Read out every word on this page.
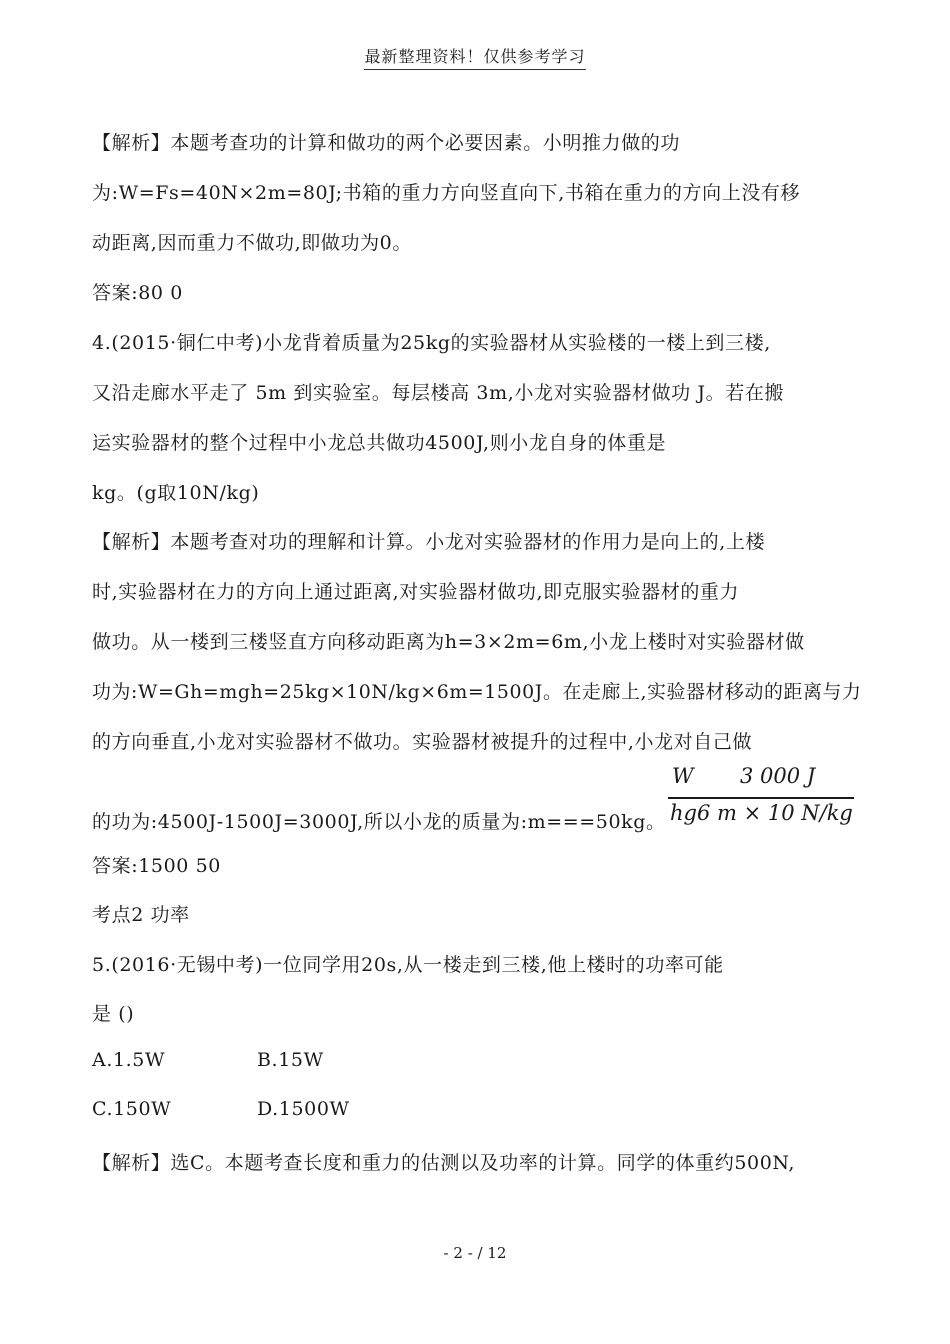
最新整理资料！仅供参考学习
【解析】本题考查功的计算和做功的两个必要因素。小明推力做的功
为:W=Fs=40N×2m=80J;书箱的重力方向竖直向下,书箱在重力的方向上没有移
动距离,因而重力不做功,即做功为0。
答案:80 0
4.(2015·铜仁中考)小龙背着质量为25kg的实验器材从实验楼的一楼上到三楼,
又沿走廊水平走了 5m 到实验室。每层楼高 3m,小龙对实验器材做功 J。若在搬
运实验器材的整个过程中小龙总共做功4500J,则小龙自身的体重是
kg。(g取10N/kg)
【解析】本题考查对功的理解和计算。小龙对实验器材的作用力是向上的,上楼
时,实验器材在力的方向上通过距离,对实验器材做功,即克服实验器材的重力
做功。从一楼到三楼竖直方向移动距离为h=3×2m=6m,小龙上楼时对实验器材做
功为:W=Gh=mgh=25kg×10N/kg×6m=1500J。在走廊上,实验器材移动的距离与力
的方向垂直,小龙对实验器材不做功。实验器材被提升的过程中,小龙对自己做
的功为:4500J-1500J=3000J,所以小龙的质量为:m===50kg。
W 3 000 J
hg6 m × 10 N/kg
答案:1500 50
考点2 功率
5.(2016·无锡中考)一位同学用20s,从一楼走到三楼,他上楼时的功率可能
是 ()
A.1.5W	B.15W
C.150W	D.1500W
【解析】选C。本题考查长度和重力的估测以及功率的计算。同学的体重约500N,
- 2 - / 12
